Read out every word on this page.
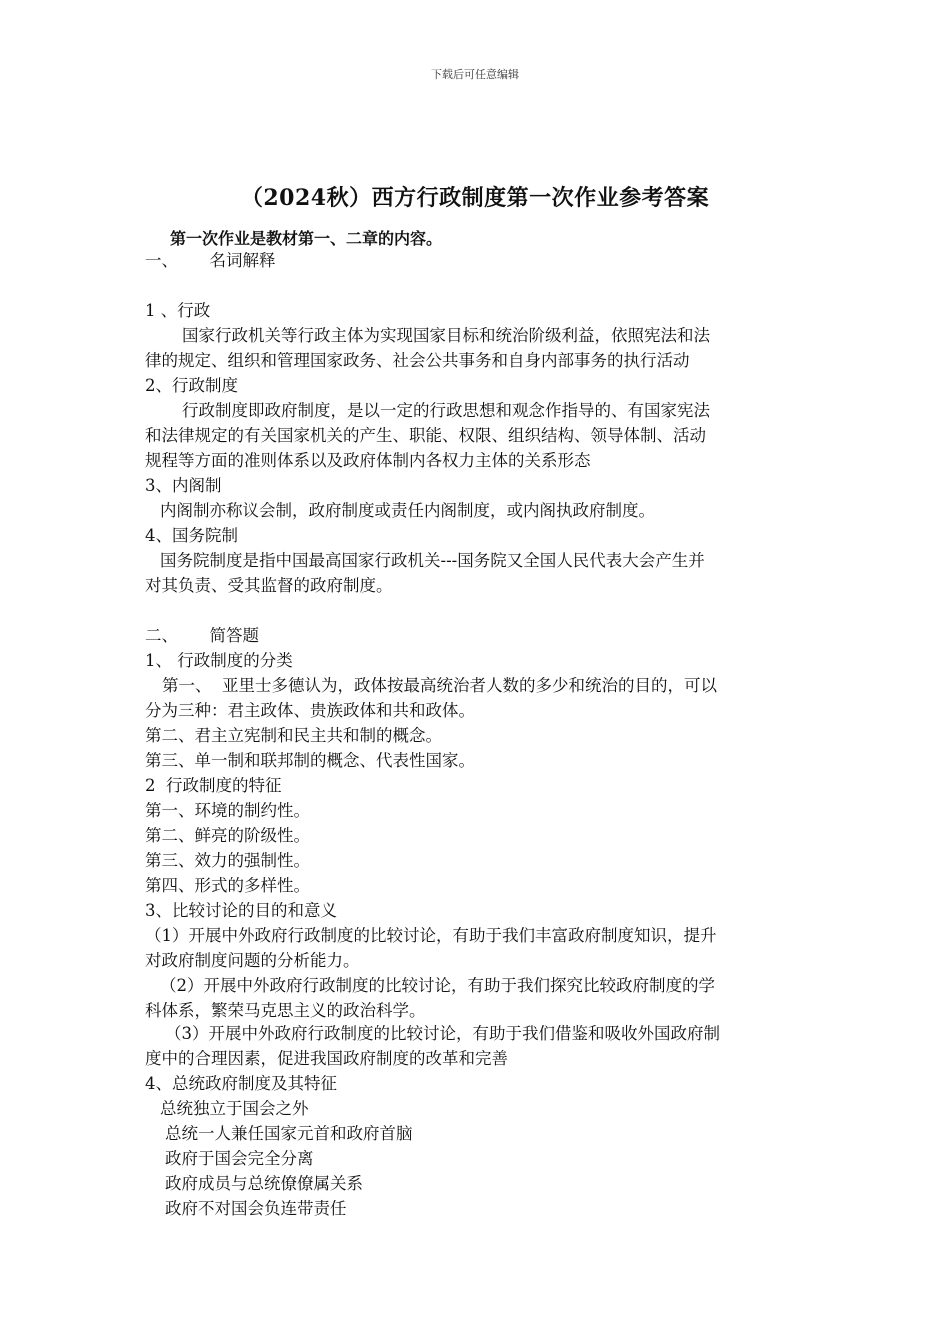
下载后可任意编辑
（2024秋）西方行政制度第一次作业参考答案
第一次作业是教材第一、二章的内容。
一、      名词解释
1 、行政
国家行政机关等行政主体为实现国家目标和统治阶级利益，依照宪法和法
律的规定、组织和管理国家政务、社会公共事务和自身内部事务的执行活动
2、行政制度
行政制度即政府制度，是以一定的行政思想和观念作指导的、有国家宪法
和法律规定的有关国家机关的产生、职能、权限、组织结构、领导体制、活动
规程等方面的准则体系以及政府体制内各权力主体的关系形态
3、内阁制
内阁制亦称议会制，政府制度或责任内阁制度，或内阁执政府制度。
4、国务院制
国务院制度是指中国最高国家行政机关---国务院又全国人民代表大会产生并
对其负责、受其监督的政府制度。
二、      简答题
1、 行政制度的分类
第一、  亚里士多德认为，政体按最高统治者人数的多少和统治的目的，可以
分为三种：君主政体、贵族政体和共和政体。
第二、君主立宪制和民主共和制的概念。
第三、单一制和联邦制的概念、代表性国家。
2  行政制度的特征
第一、环境的制约性。
第二、鲜亮的阶级性。
第三、效力的强制性。
第四、形式的多样性。
3、比较讨论的目的和意义
（1）开展中外政府行政制度的比较讨论，有助于我们丰富政府制度知识，提升
对政府制度问题的分析能力。
（2）开展中外政府行政制度的比较讨论，有助于我们探究比较政府制度的学
科体系，繁荣马克思主义的政治科学。
（3）开展中外政府行政制度的比较讨论，有助于我们借鉴和吸收外国政府制
度中的合理因素，促进我国政府制度的改革和完善
4、总统政府制度及其特征
总统独立于国会之外
总统一人兼任国家元首和政府首脑
政府于国会完全分离
政府成员与总统僚僚属关系
政府不对国会负连带责任
